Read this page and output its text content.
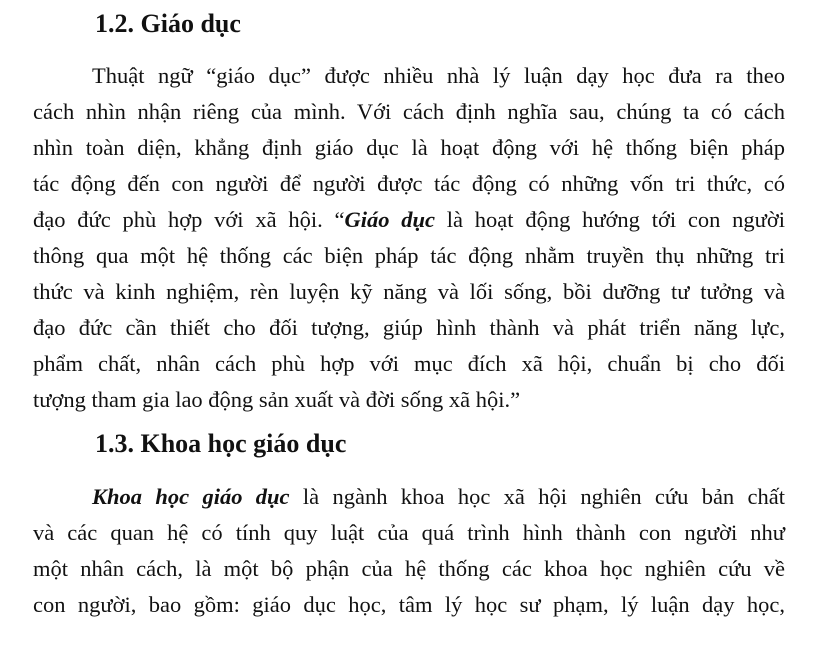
1.2. Giáo dục
Thuật ngữ “giáo dục” được nhiều nhà lý luận dạy học đưa ra theo
cách nhìn nhận riêng của mình. Với cách định nghĩa sau, chúng ta có cách
nhìn toàn diện, khẳng định giáo dục là hoạt động với hệ thống biện pháp
tác động đến con người để người được tác động có những vốn tri thức, có
đạo đức phù hợp với xã hội. “Giáo dục là hoạt động hướng tới con người
thông qua một hệ thống các biện pháp tác động nhằm truyền thụ những tri
thức và kinh nghiệm, rèn luyện kỹ năng và lối sống, bồi dưỡng tư tưởng và
đạo đức cần thiết cho đối tượng, giúp hình thành và phát triển năng lực,
phẩm chất, nhân cách phù hợp với mục đích xã hội, chuẩn bị cho đối
tượng tham gia lao động sản xuất và đời sống xã hội.”
1.3. Khoa học giáo dục
Khoa học giáo dục là ngành khoa học xã hội nghiên cứu bản chất
và các quan hệ có tính quy luật của quá trình hình thành con người như
một nhân cách, là một bộ phận của hệ thống các khoa học nghiên cứu về
con người, bao gồm: giáo dục học, tâm lý học sư phạm, lý luận dạy học,
